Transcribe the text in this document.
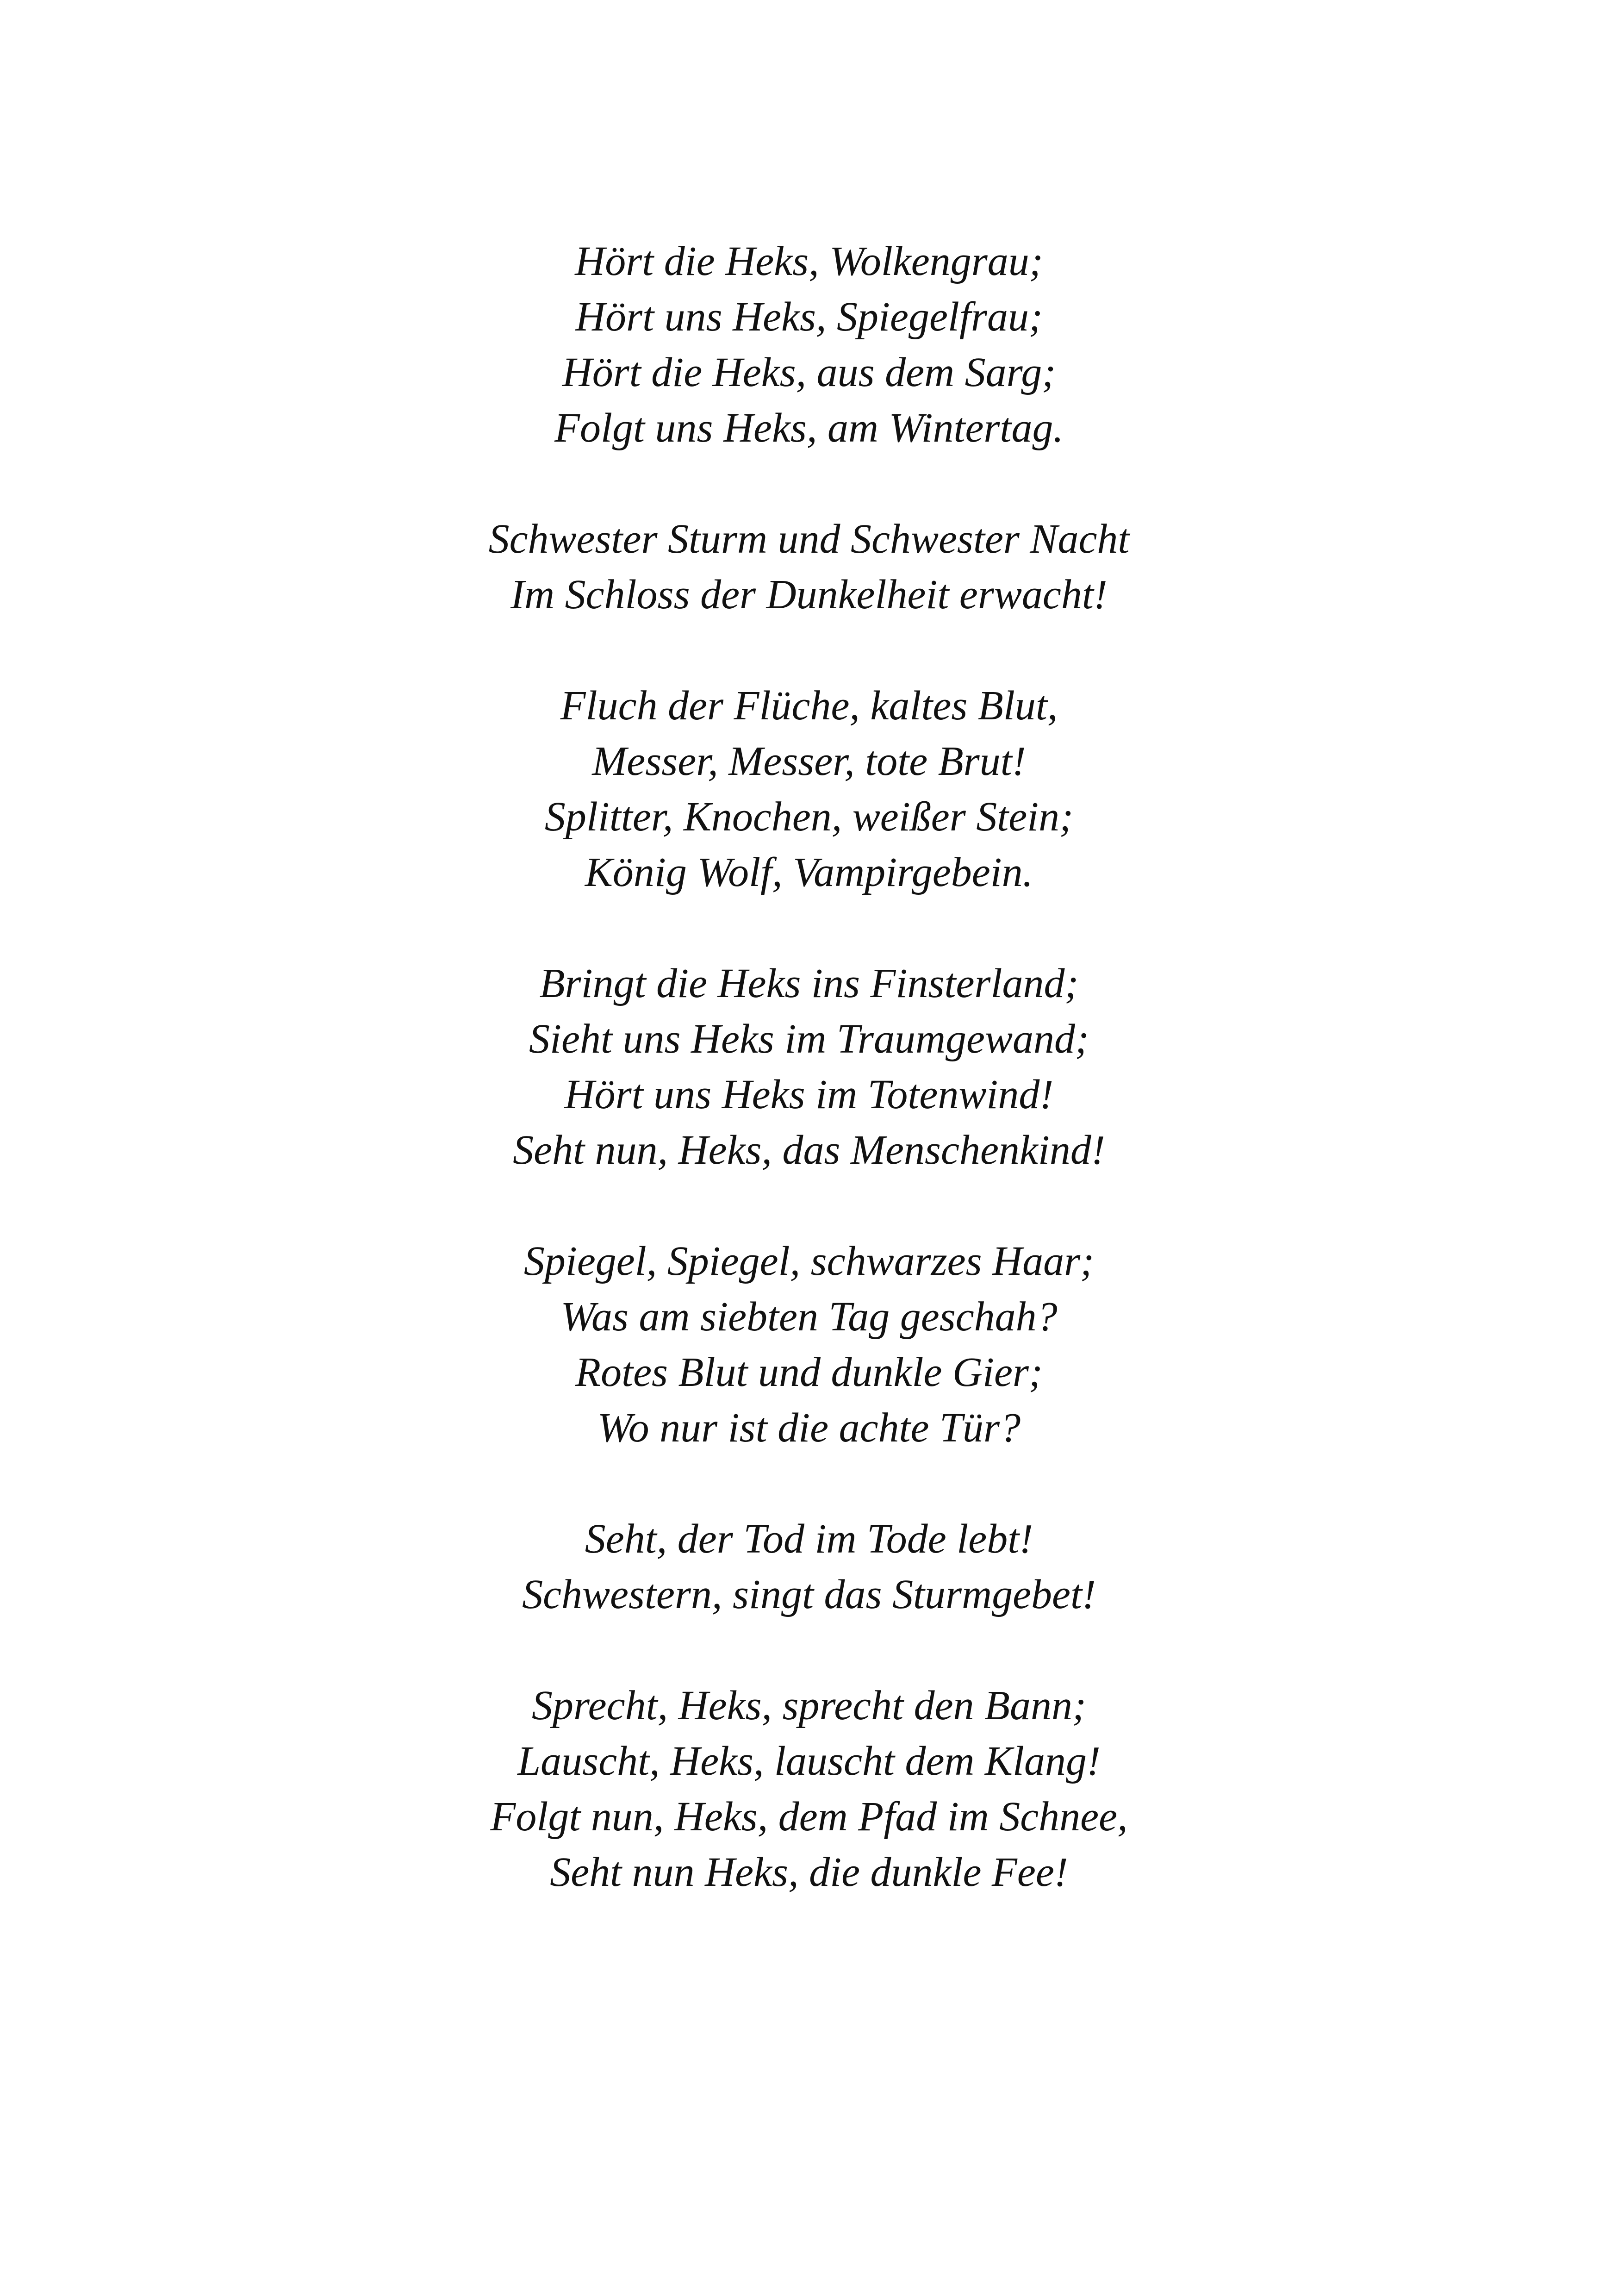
Hört die Heks, Wolkengrau;
Hört uns Heks, Spiegelfrau;
Hört die Heks, aus dem Sarg;
Folgt uns Heks, am Wintertag.
Schwester Sturm und Schwester Nacht
Im Schloss der Dunkelheit erwacht!
Fluch der Flüche, kaltes Blut,
Messer, Messer, tote Brut!
Splitter, Knochen, weißer Stein;
König Wolf, Vampirgebein.
Bringt die Heks ins Finsterland;
Sieht uns Heks im Traumgewand;
Hört uns Heks im Totenwind!
Seht nun, Heks, das Menschenkind!
Spiegel, Spiegel, schwarzes Haar;
Was am siebten Tag geschah?
Rotes Blut und dunkle Gier;
Wo nur ist die achte Tür?
Seht, der Tod im Tode lebt!
Schwestern, singt das Sturmgebet!
Sprecht, Heks, sprecht den Bann;
Lauscht, Heks, lauscht dem Klang!
Folgt nun, Heks, dem Pfad im Schnee,
Seht nun Heks, die dunkle Fee!
